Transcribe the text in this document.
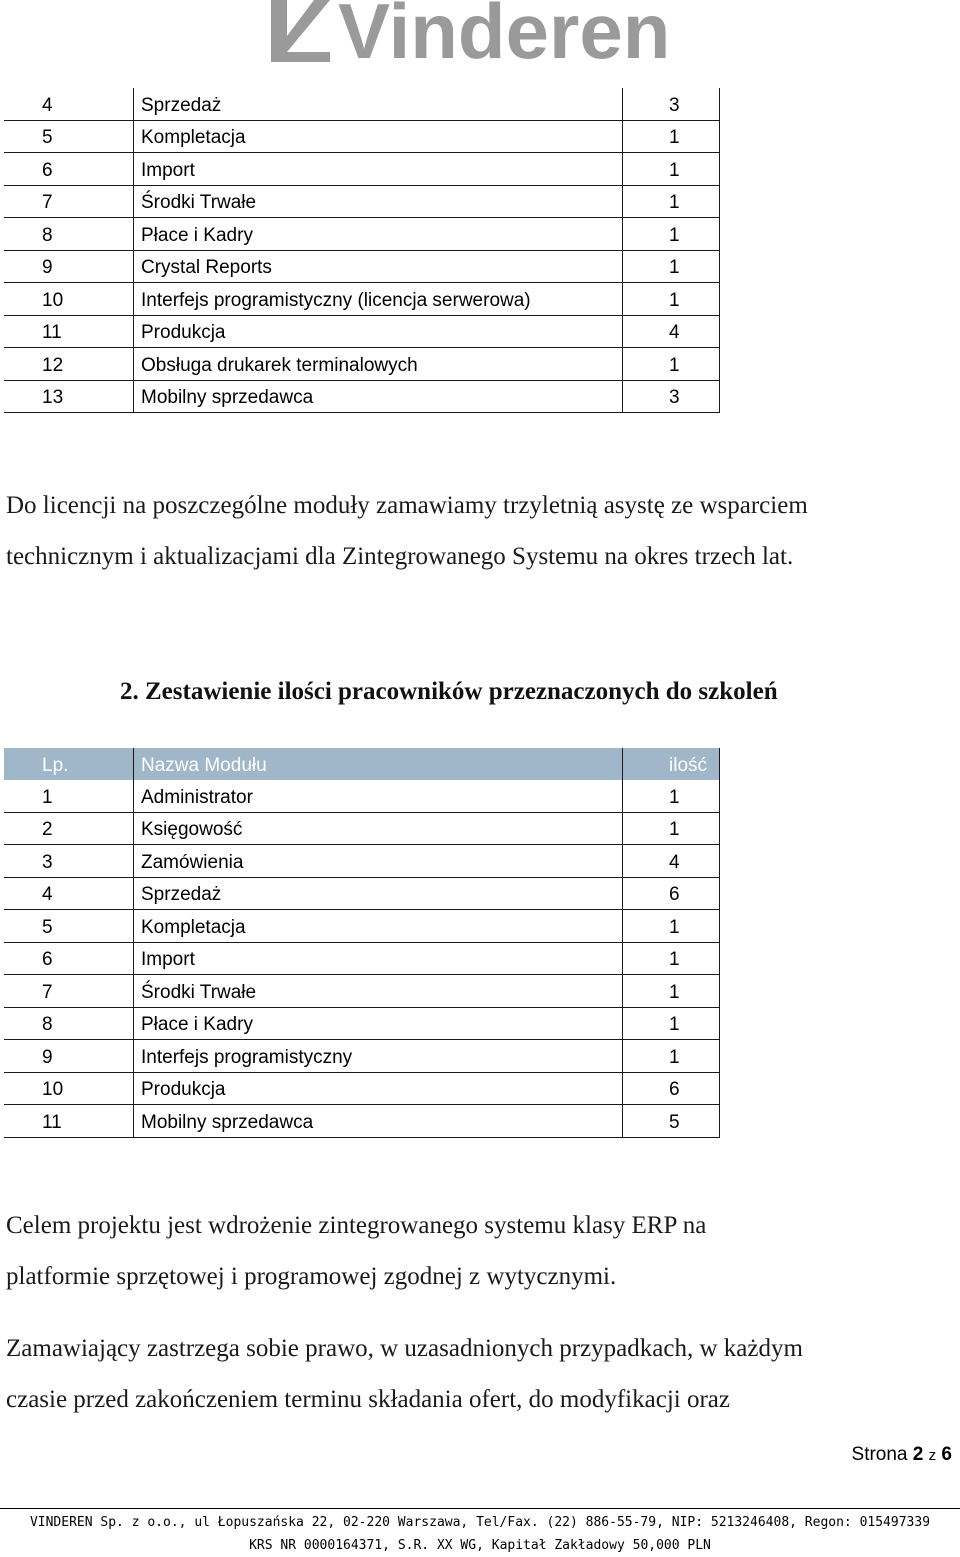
Vinderen
4	Sprzedaż	3
5	Kompletacja	1
6	Import	1
7	Środki Trwałe	1
8	Płace i Kadry	1
9	Crystal Reports	1
10	Interfejs programistyczny (licencja serwerowa)	1
11	Produkcja	4
12	Obsługa drukarek terminalowych	1
13	Mobilny sprzedawca	3
Do licencji na poszczególne moduły zamawiamy trzyletnią asystę ze wsparciem
technicznym i aktualizacjami dla Zintegrowanego Systemu na okres trzech lat.
2. Zestawienie ilości pracowników przeznaczonych do szkoleń
Lp.	Nazwa Modułu	ilość
1	Administrator	1
2	Księgowość	1
3	Zamówienia	4
4	Sprzedaż	6
5	Kompletacja	1
6	Import	1
7	Środki Trwałe	1
8	Płace i Kadry	1
9	Interfejs programistyczny	1
10	Produkcja	6
11	Mobilny sprzedawca	5
Celem projektu jest wdrożenie zintegrowanego systemu klasy ERP na
platformie sprzętowej i programowej zgodnej z wytycznymi.
Zamawiający zastrzega sobie prawo, w uzasadnionych przypadkach, w każdym
czasie przed zakończeniem terminu składania ofert, do modyfikacji oraz
Strona 2 z 6
VINDEREN Sp. z o.o., ul Łopuszańska 22, 02-220 Warszawa, Tel/Fax. (22) 886-55-79, NIP: 5213246408, Regon: 015497339
KRS NR 0000164371, S.R. XX WG, Kapitał Zakładowy 50,000 PLN
